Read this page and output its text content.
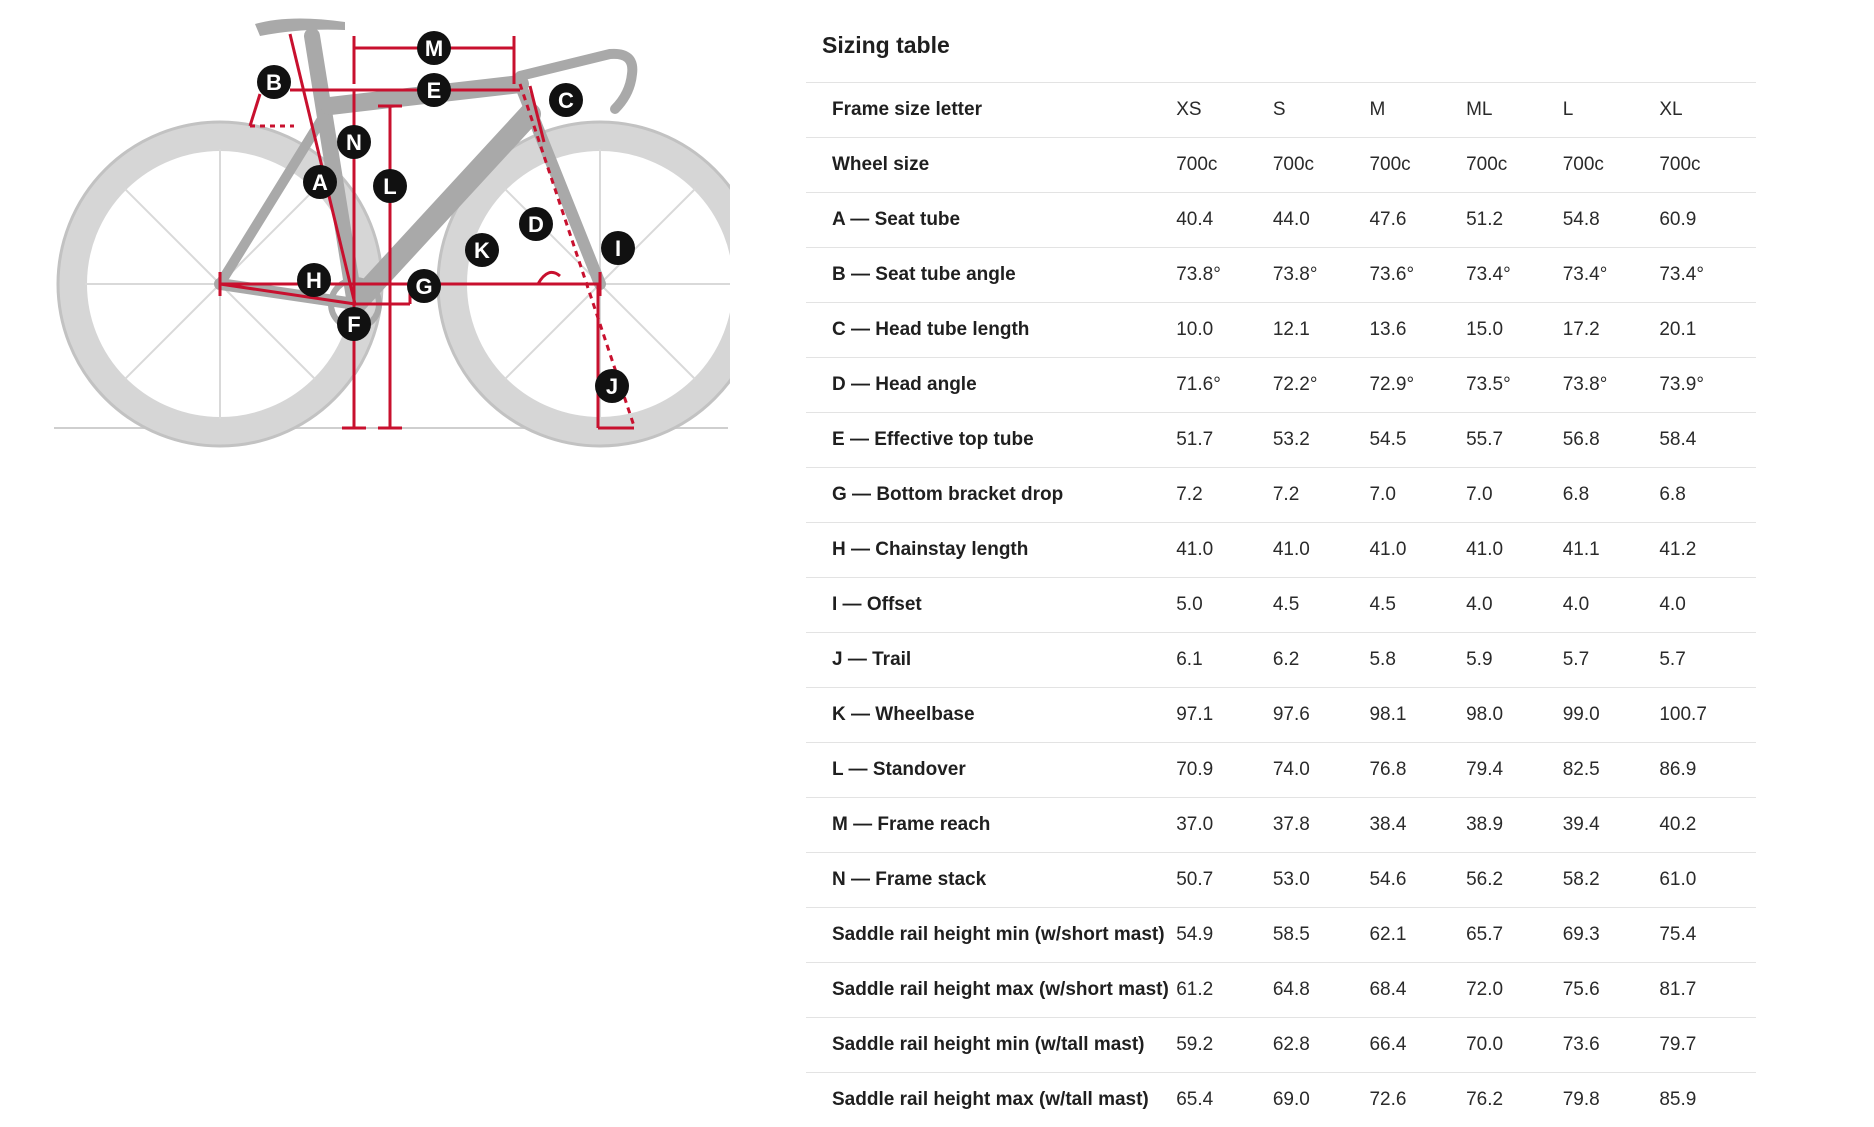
M
E
B
C
N
A	L
D
K	I
H	G
F
J
Sizing table
Frame size letter	XS	S	M	ML	L	XL
Wheel size	700c	700c	700c	700c	700c	700c
A — Seat tube	40.4	44.0	47.6	51.2	54.8	60.9
B — Seat tube angle	73.8°	73.8°	73.6°	73.4°	73.4°	73.4°
C — Head tube length	10.0	12.1	13.6	15.0	17.2	20.1
D — Head angle	71.6°	72.2°	72.9°	73.5°	73.8°	73.9°
E — Effective top tube	51.7	53.2	54.5	55.7	56.8	58.4
G — Bottom bracket drop	7.2	7.2	7.0	7.0	6.8	6.8
H — Chainstay length	41.0	41.0	41.0	41.0	41.1	41.2
I — Offset	5.0	4.5	4.5	4.0	4.0	4.0
J — Trail	6.1	6.2	5.8	5.9	5.7	5.7
K — Wheelbase	97.1	97.6	98.1	98.0	99.0	100.7
L — Standover	70.9	74.0	76.8	79.4	82.5	86.9
M — Frame reach	37.0	37.8	38.4	38.9	39.4	40.2
N — Frame stack	50.7	53.0	54.6	56.2	58.2	61.0
Saddle rail height min (w/short mast)	54.9	58.5	62.1	65.7	69.3	75.4
Saddle rail height max (w/short mast)	61.2	64.8	68.4	72.0	75.6	81.7
Saddle rail height min (w/tall mast)	59.2	62.8	66.4	70.0	73.6	79.7
Saddle rail height max (w/tall mast)	65.4	69.0	72.6	76.2	79.8	85.9
